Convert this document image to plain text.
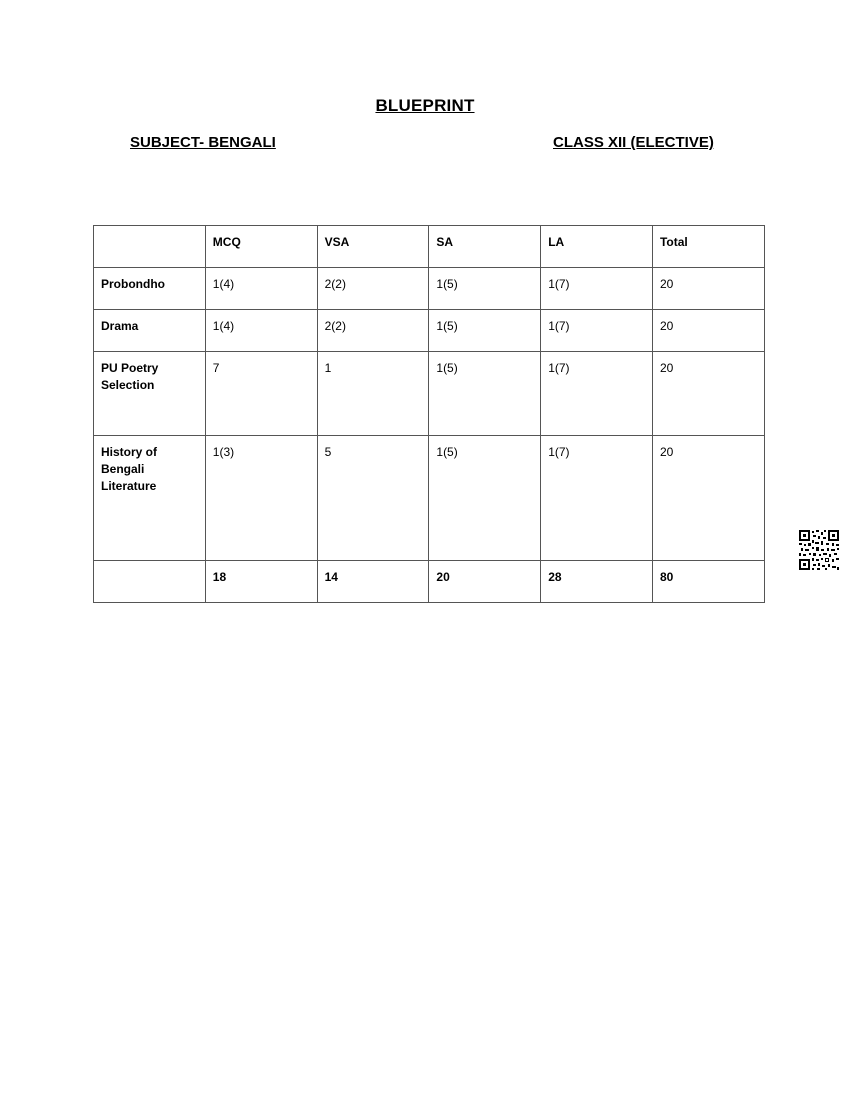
BLUEPRINT
SUBJECT- BENGALI	CLASS XII (ELECTIVE)
	MCQ	VSA	SA	LA	Total
Probondho	1(4)	2(2)	1(5)	1(7)	20
Drama	1(4)	2(2)	1(5)	1(7)	20
PU Poetry Selection	7	1	1(5)	1(7)	20
History of Bengali Literature	1(3)	5	1(5)	1(7)	20
	18	14	20	28	80
